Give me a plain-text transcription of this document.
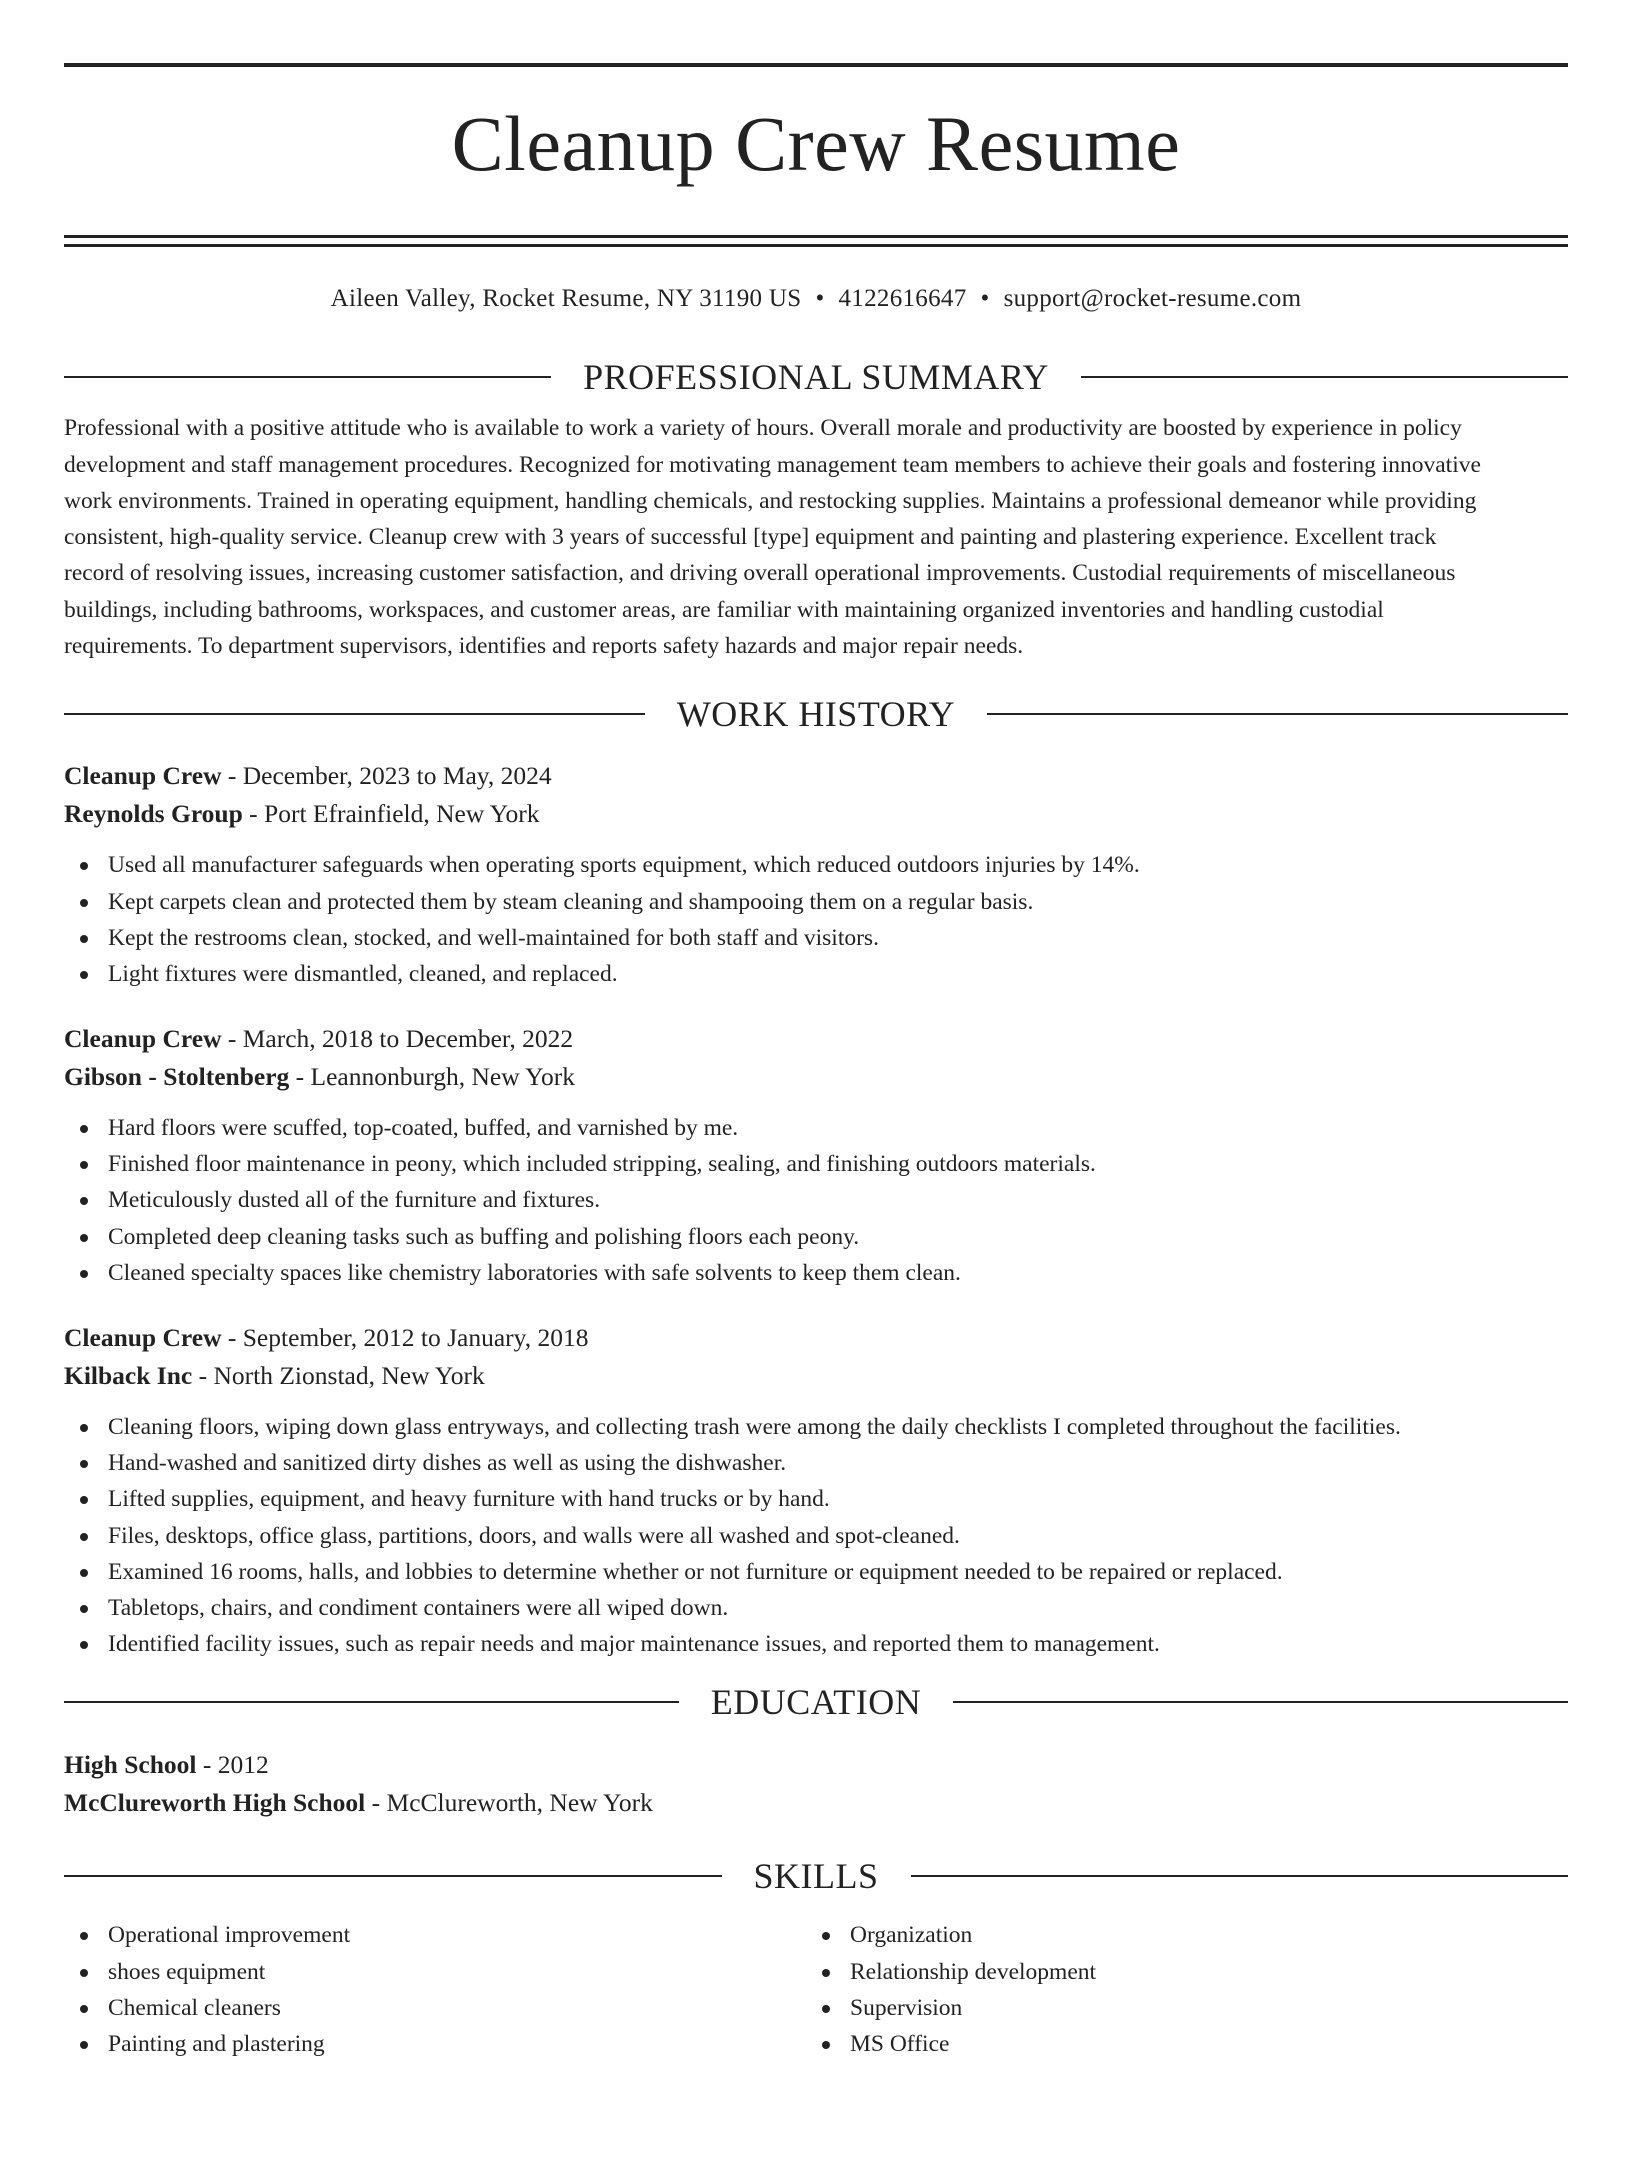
Cleanup Crew Resume
Aileen Valley, Rocket Resume, NY 31190 US • 4122616647 • support@rocket-resume.com
PROFESSIONAL SUMMARY
Professional with a positive attitude who is available to work a variety of hours. Overall morale and productivity are boosted by experience in policy
development and staff management procedures. Recognized for motivating management team members to achieve their goals and fostering innovative
work environments. Trained in operating equipment, handling chemicals, and restocking supplies. Maintains a professional demeanor while providing
consistent, high-quality service. Cleanup crew with 3 years of successful [type] equipment and painting and plastering experience. Excellent track
record of resolving issues, increasing customer satisfaction, and driving overall operational improvements. Custodial requirements of miscellaneous
buildings, including bathrooms, workspaces, and customer areas, are familiar with maintaining organized inventories and handling custodial
requirements. To department supervisors, identifies and reports safety hazards and major repair needs.
WORK HISTORY
Cleanup Crew - December, 2023 to May, 2024
Reynolds Group - Port Efrainfield, New York
Used all manufacturer safeguards when operating sports equipment, which reduced outdoors injuries by 14%.
Kept carpets clean and protected them by steam cleaning and shampooing them on a regular basis.
Kept the restrooms clean, stocked, and well-maintained for both staff and visitors.
Light fixtures were dismantled, cleaned, and replaced.
Cleanup Crew - March, 2018 to December, 2022
Gibson - Stoltenberg - Leannonburgh, New York
Hard floors were scuffed, top-coated, buffed, and varnished by me.
Finished floor maintenance in peony, which included stripping, sealing, and finishing outdoors materials.
Meticulously dusted all of the furniture and fixtures.
Completed deep cleaning tasks such as buffing and polishing floors each peony.
Cleaned specialty spaces like chemistry laboratories with safe solvents to keep them clean.
Cleanup Crew - September, 2012 to January, 2018
Kilback Inc - North Zionstad, New York
Cleaning floors, wiping down glass entryways, and collecting trash were among the daily checklists I completed throughout the facilities.
Hand-washed and sanitized dirty dishes as well as using the dishwasher.
Lifted supplies, equipment, and heavy furniture with hand trucks or by hand.
Files, desktops, office glass, partitions, doors, and walls were all washed and spot-cleaned.
Examined 16 rooms, halls, and lobbies to determine whether or not furniture or equipment needed to be repaired or replaced.
Tabletops, chairs, and condiment containers were all wiped down.
Identified facility issues, such as repair needs and major maintenance issues, and reported them to management.
EDUCATION
High School - 2012
McClureworth High School - McClureworth, New York
SKILLS
Operational improvement
shoes equipment
Chemical cleaners
Painting and plastering
Organization
Relationship development
Supervision
MS Office
